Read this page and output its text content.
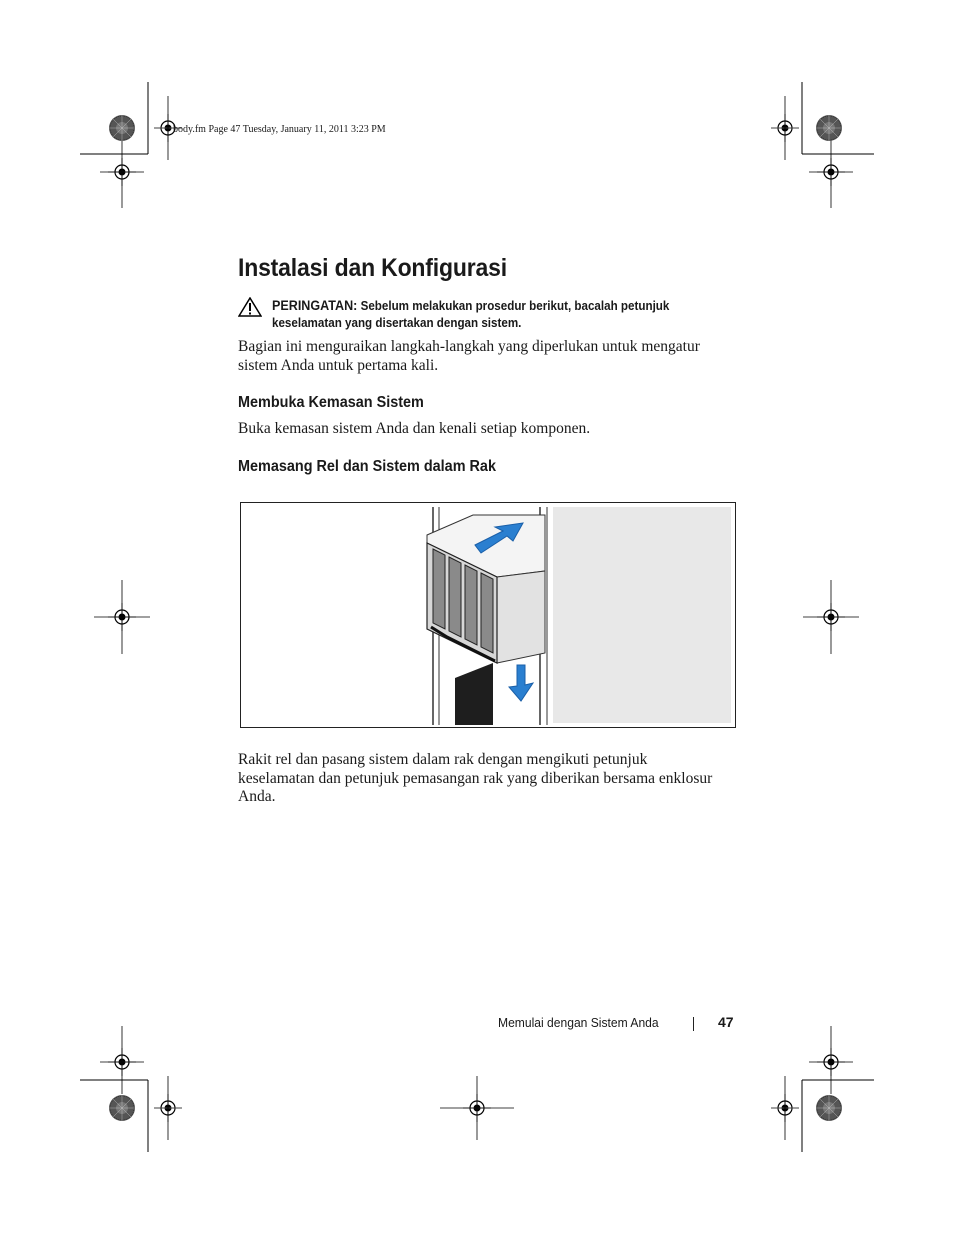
body.fm Page 47 Tuesday, January 11, 2011 3:23 PM
Instalasi dan Konfigurasi
PERINGATAN: Sebelum melakukan prosedur berikut, bacalah petunjuk keselamatan yang disertakan dengan sistem.
Bagian ini menguraikan langkah-langkah yang diperlukan untuk mengatur sistem Anda untuk pertama kali.
Membuka Kemasan Sistem
Buka kemasan sistem Anda dan kenali setiap komponen.
Memasang Rel dan Sistem dalam Rak
Rakit rel dan pasang sistem dalam rak dengan mengikuti petunjuk keselamatan dan petunjuk pemasangan rak yang diberikan bersama enklosur Anda.
Memulai dengan Sistem Anda	47
